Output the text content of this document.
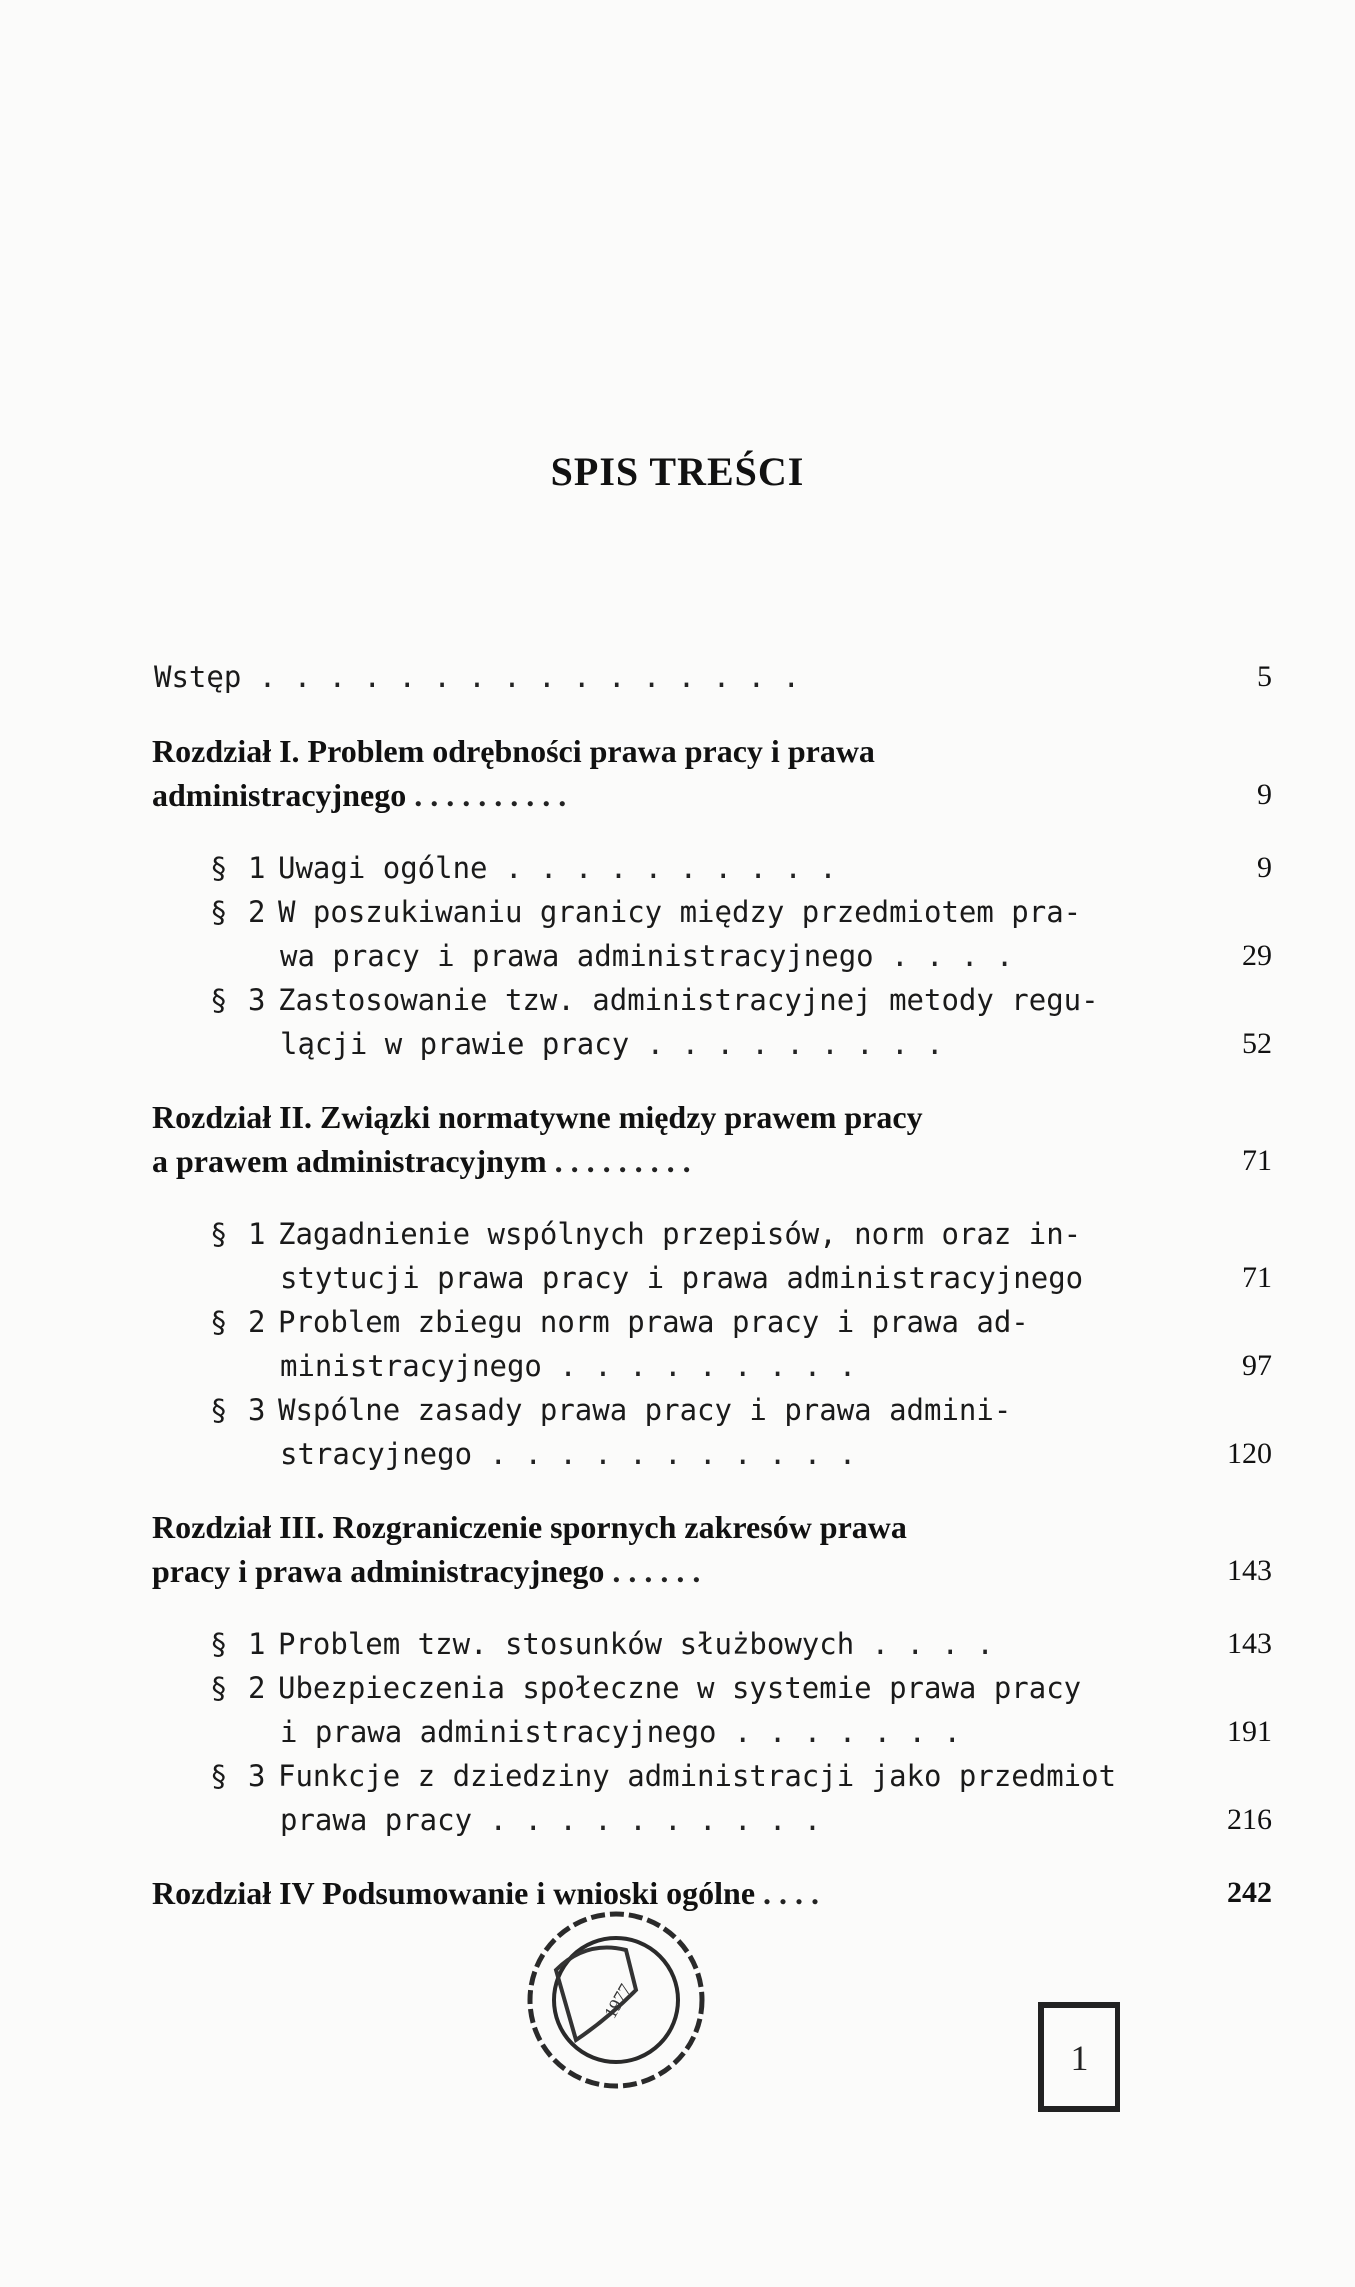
SPIS TREŚCI
Wstęp . . . . . . . . . . . . . . . .	5
Rozdział I. Problem odrębności prawa pracy i prawa
administracyjnego . . . . . . . . . .	9
§ 1 Uwagi ogólne . . . . . . . . . .	9
§ 2 W poszukiwaniu granicy między przedmiotem pra-
wa pracy i prawa administracyjnego . . . .	29
§ 3 Zastosowanie tzw. administracyjnej metody regu-
lącji w prawie pracy . . . . . . . . .	52
Rozdział II. Związki normatywne między prawem pracy
a prawem administracyjnym . . . . . . . . .	71
§ 1 Zagadnienie wspólnych przepisów, norm oraz in-
stytucji prawa pracy i prawa administracyjnego	71
§ 2 Problem zbiegu norm prawa pracy i prawa ad-
ministracyjnego . . . . . . . . .	97
§ 3 Wspólne zasady prawa pracy i prawa admini-
stracyjnego . . . . . . . . . . .	120
Rozdział III. Rozgraniczenie spornych zakresów prawa
pracy i prawa administracyjnego . . . . . .	143
§ 1 Problem tzw. stosunków służbowych . . . .	143
§ 2 Ubezpieczenia społeczne w systemie prawa pracy
i prawa administracyjnego . . . . . . .	191
§ 3 Funkcje z dziedziny administracji jako przedmiot
prawa pracy . . . . . . . . . .	216
Rozdział IV Podsumowanie i wnioski ogólne . . . .	242
1977
1
